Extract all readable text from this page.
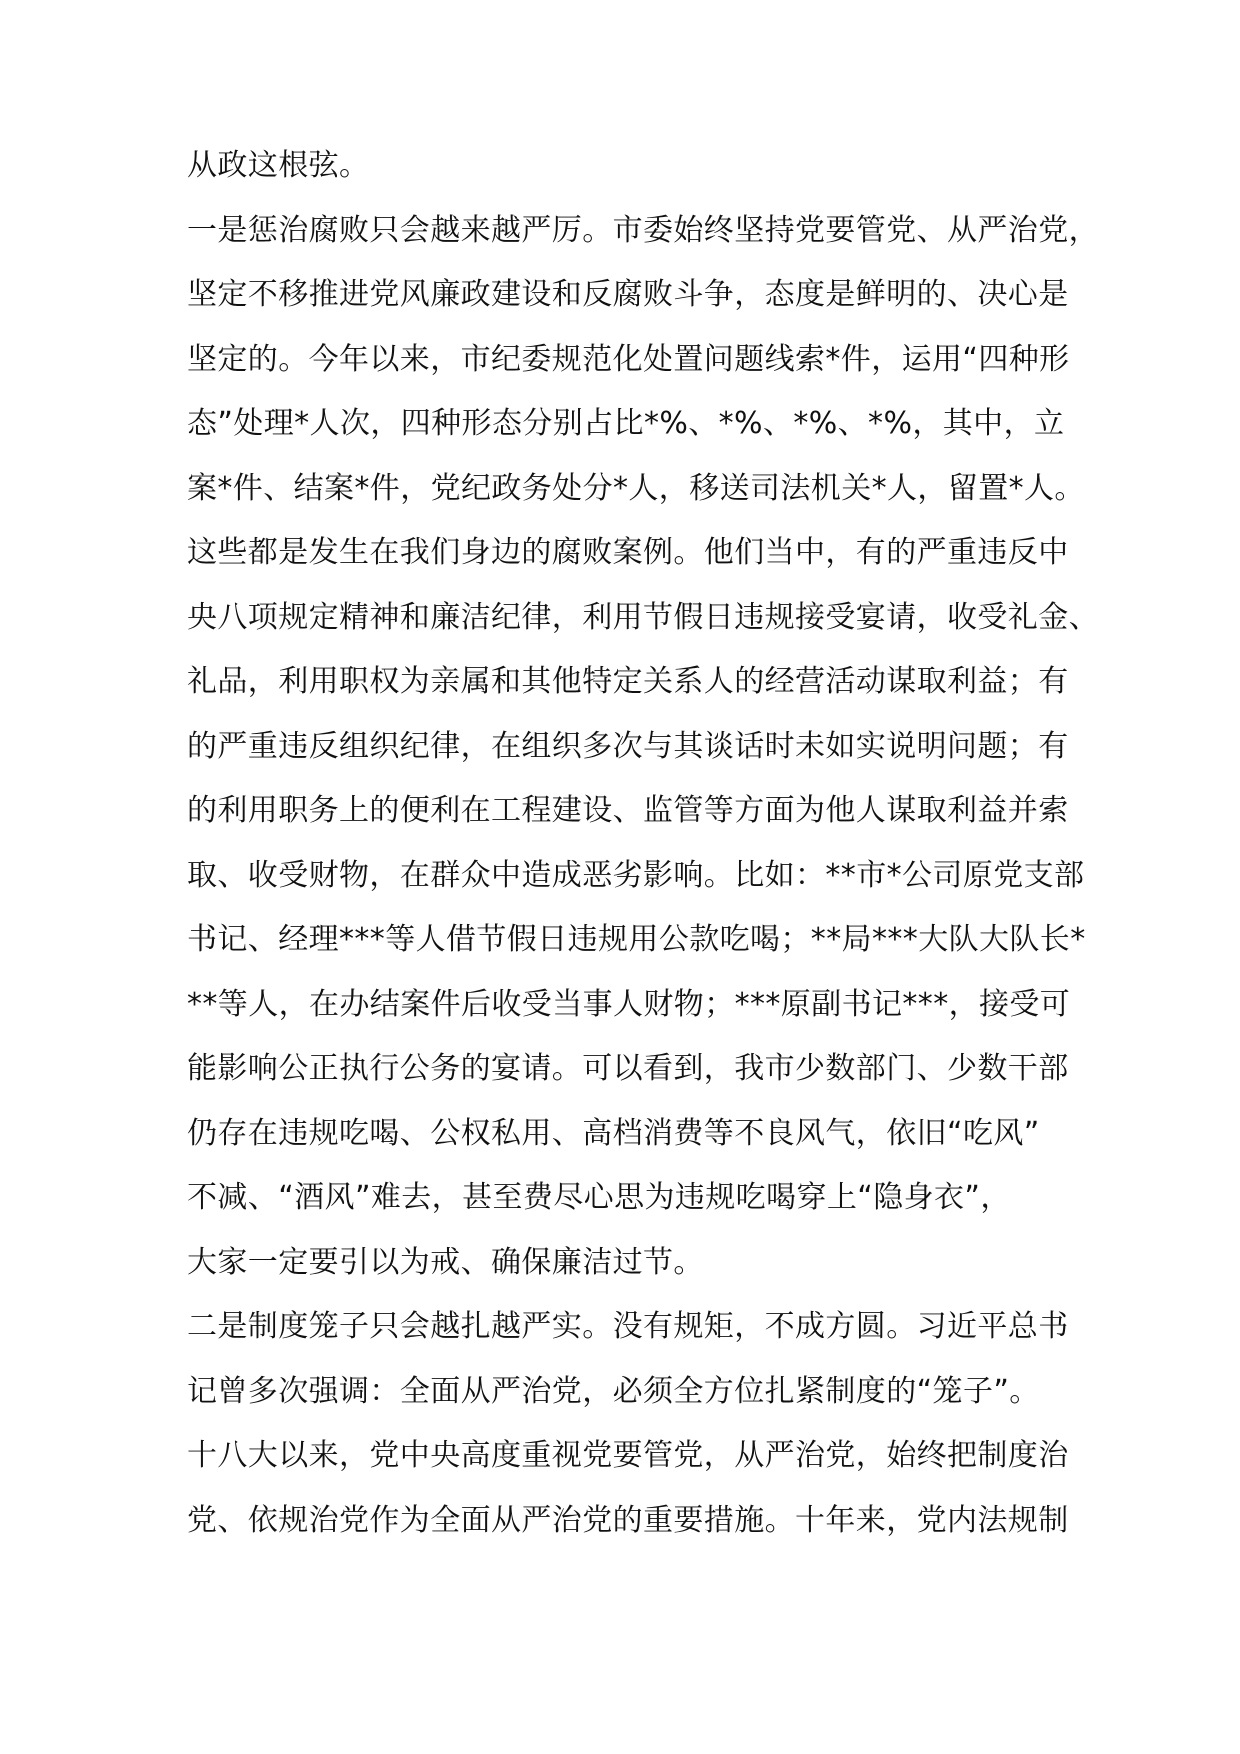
从政这根弦。
一是惩治腐败只会越来越严厉。市委始终坚持党要管党、从严治党，
坚定不移推进党风廉政建设和反腐败斗争，态度是鲜明的、决心是
坚定的。今年以来，市纪委规范化处置问题线索*件，运用“四种形
态”处理*人次，四种形态分别占比*%、*%、*%、*%，其中，立
案*件、结案*件，党纪政务处分*人，移送司法机关*人，留置*人。
这些都是发生在我们身边的腐败案例。他们当中，有的严重违反中
央八项规定精神和廉洁纪律，利用节假日违规接受宴请，收受礼金、
礼品，利用职权为亲属和其他特定关系人的经营活动谋取利益；有
的严重违反组织纪律，在组织多次与其谈话时未如实说明问题；有
的利用职务上的便利在工程建设、监管等方面为他人谋取利益并索
取、收受财物，在群众中造成恶劣影响。比如：**市*公司原党支部
书记、经理***等人借节假日违规用公款吃喝；**局***大队大队长*
**等人，在办结案件后收受当事人财物；***原副书记***，接受可
能影响公正执行公务的宴请。可以看到，我市少数部门、少数干部
仍存在违规吃喝、公权私用、高档消费等不良风气，依旧“吃风”
不减、“酒风”难去，甚至费尽心思为违规吃喝穿上“隐身衣”，
大家一定要引以为戒、确保廉洁过节。
二是制度笼子只会越扎越严实。没有规矩，不成方圆。习近平总书
记曾多次强调：全面从严治党，必须全方位扎紧制度的“笼子”。
十八大以来，党中央高度重视党要管党，从严治党，始终把制度治
党、依规治党作为全面从严治党的重要措施。十年来，党内法规制
